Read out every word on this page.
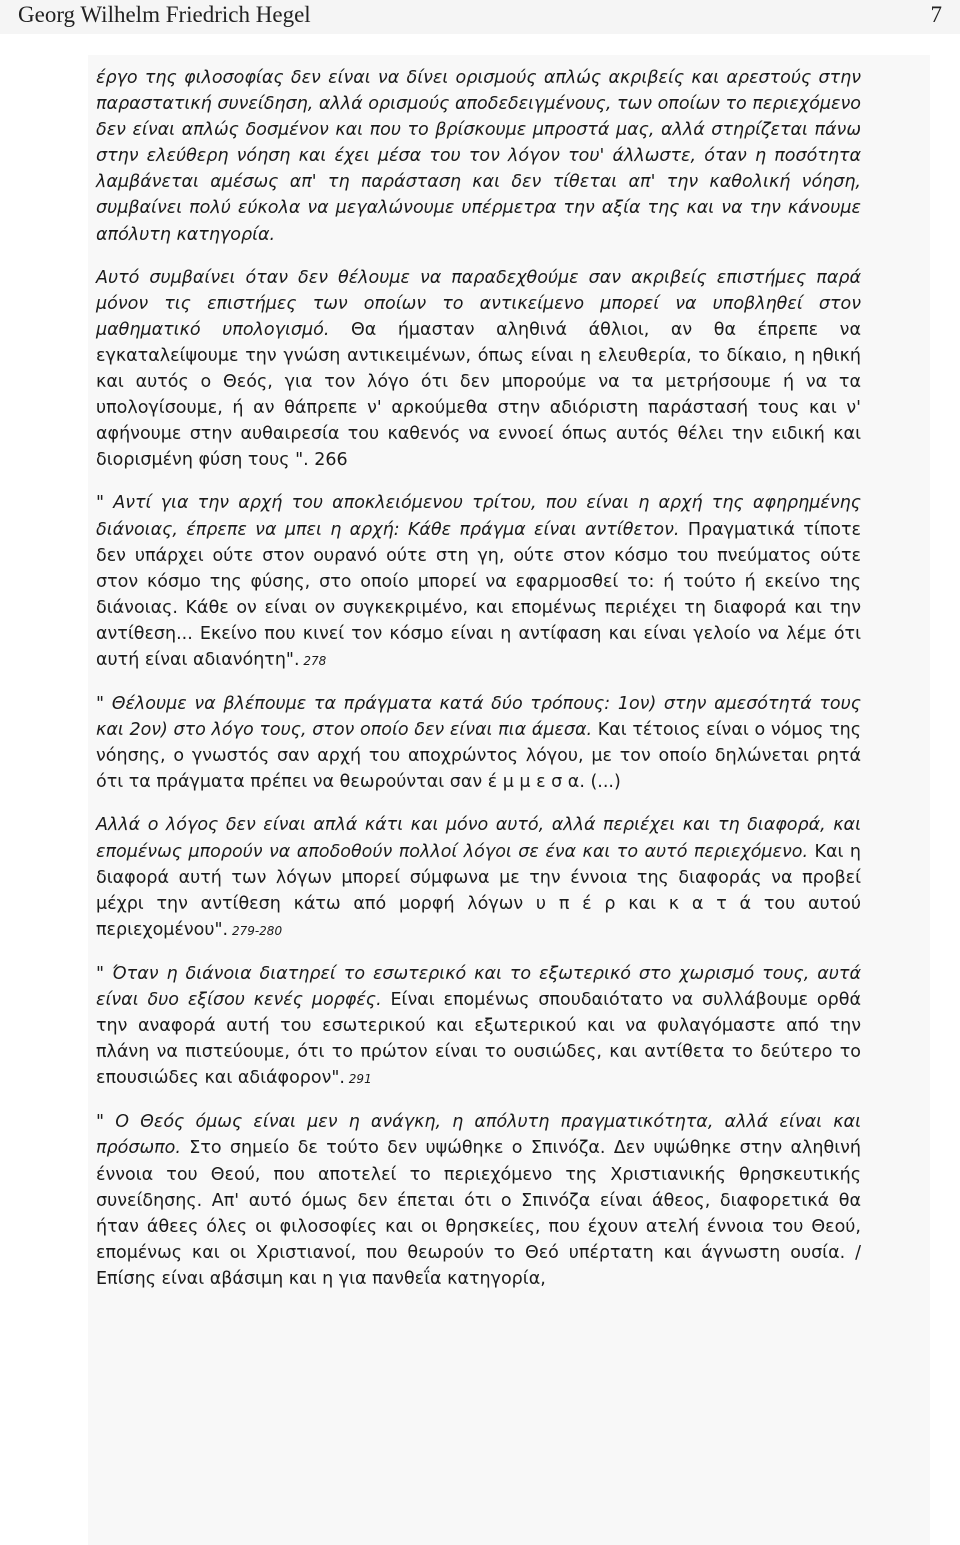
Georg Wilhelm Friedrich Hegel	7

έργο της φιλοσοφίας δεν είναι να δίνει ορισμούς απλώς ακριβείς και αρεστούς στην παραστατική συνείδηση, αλλά ορισμούς αποδεδειγμένους, των οποίων το περιεχόμενο δεν είναι απλώς δοσμένον και που το βρίσκουμε μπροστά μας, αλλά στηρίζεται πάνω στην ελεύθερη νόηση και έχει μέσα του τον λόγον του' άλλωστε, όταν η ποσότητα λαμβάνεται αμέσως απ' τη παράσταση και δεν τίθεται απ' την καθολική νόηση, συμβαίνει πολύ εύκολα να μεγαλώνουμε υπέρμετρα την αξία της και να την κάνουμε απόλυτη κατηγορία.

Αυτό συμβαίνει όταν δεν θέλουμε να παραδεχθούμε σαν ακριβείς επιστήμες παρά μόνον τις επιστήμες των οποίων το αντικείμενο μπορεί να υποβληθεί στον μαθηματικό υπολογισμό. Θα ήμασταν αληθινά άθλιοι, αν θα έπρεπε να εγκαταλείψουμε την γνώση αντικειμένων, όπως είναι η ελευθερία, το δίκαιο, η ηθική και αυτός ο Θεός, για τον λόγο ότι δεν μπορούμε να τα μετρήσουμε ή να τα υπολογίσουμε, ή αν θάπρεπε ν' αρκούμεθα στην αδιόριστη παράστασή τους και ν' αφήνουμε στην αυθαιρεσία του καθενός να εννοεί όπως αυτός θέλει την ειδική και διορισμένη φύση τους ". 266

" Αντί για την αρχή του αποκλειόμενου τρίτου, που είναι η αρχή της αφηρημένης διάνοιας, έπρεπε να μπει η αρχή: Κάθε πράγμα είναι αντίθετον. Πραγματικά τίποτε δεν υπάρχει ούτε στον ουρανό ούτε στη γη, ούτε στον κόσμο του πνεύματος ούτε στον κόσμο της φύσης, στο οποίο μπορεί να εφαρμοσθεί το: ή τούτο ή εκείνο της διάνοιας. Κάθε ον είναι ον συγκεκριμένο, και επομένως περιέχει τη διαφορά και την αντίθεση... Εκείνο που κινεί τον κόσμο είναι η αντίφαση και είναι γελοίο να λέμε ότι αυτή είναι αδιανόητη". 278

" Θέλουμε να βλέπουμε τα πράγματα κατά δύο τρόπους: 1ον) στην αμεσότητά τους και 2ον) στο λόγο τους, στον οποίο δεν είναι πια άμεσα. Και τέτοιος είναι ο νόμος της νόησης, ο γνωστός σαν αρχή του αποχρώντος λόγου, με τον οποίο δηλώνεται ρητά ότι τα πράγματα πρέπει να θεωρούνται σαν έ μ μ ε σ α. (...)

Αλλά ο λόγος δεν είναι απλά κάτι και μόνο αυτό, αλλά περιέχει και τη διαφορά, και επομένως μπορούν να αποδοθούν πολλοί λόγοι σε ένα και το αυτό περιεχόμενο. Και η διαφορά αυτή των λόγων μπορεί σύμφωνα με την έννοια της διαφοράς να προβεί μέχρι την αντίθεση κάτω από μορφή λόγων υ π έ ρ και κ α τ ά του αυτού περιεχομένου". 279-280

" Όταν η διάνοια διατηρεί το εσωτερικό και το εξωτερικό στο χωρισμό τους, αυτά είναι δυο εξίσου κενές μορφές. Είναι επομένως σπουδαιότατο να συλλάβουμε ορθά την αναφορά αυτή του εσωτερικού και εξωτερικού και να φυλαγόμαστε από την πλάνη να πιστεύουμε, ότι το πρώτον είναι το ουσιώδες, και αντίθετα το δεύτερο το επουσιώδες και αδιάφορον". 291

" Ο Θεός όμως είναι μεν η ανάγκη, η απόλυτη πραγματικότητα, αλλά είναι και πρόσωπο. Στο σημείο δε τούτο δεν υψώθηκε ο Σπινόζα. Δεν υψώθηκε στην αληθινή έννοια του Θεού, που αποτελεί το περιεχόμενο της Χριστιανικής θρησκευτικής συνείδησης. Απ' αυτό όμως δεν έπεται ότι ο Σπινόζα είναι άθεος, διαφορετικά θα ήταν άθεες όλες οι φιλοσοφίες και οι θρησκείες, που έχουν ατελή έννοια του Θεού, επομένως και οι Χριστιανοί, που θεωρούν το Θεό υπέρτατη και άγνωστη ουσία. / Επίσης είναι αβάσιμη και η για πανθεΐα κατηγορία,
